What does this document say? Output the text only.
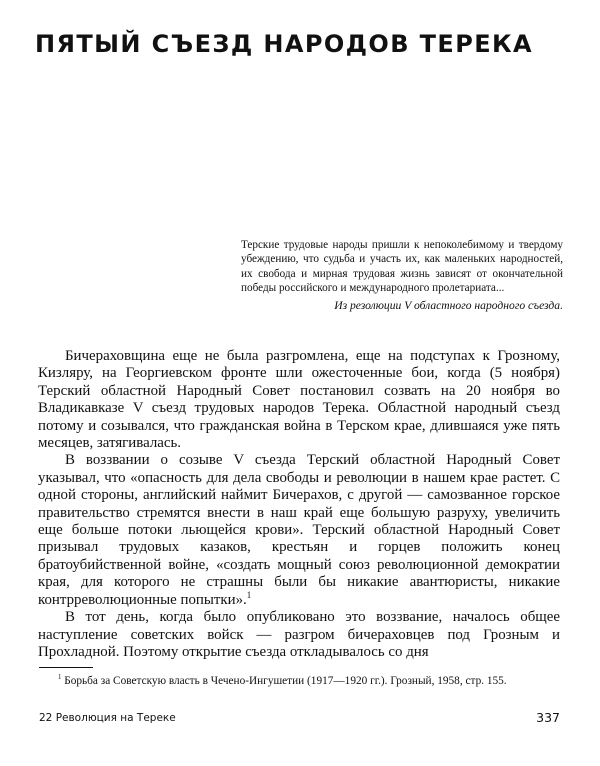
ПЯТЫЙ СЪЕЗД НАРОДОВ ТЕРЕКА

Терские трудовые народы пришли к непоколебимому и твердому убеждению, что судьба и участь их, как маленьких народностей, их свобода и мирная трудовая жизнь зависят от окончательной победы российского и международного пролетариата...

Из резолюции V областного народного съезда.

Бичераховщина еще не была разгромлена, еще на подступах к Грозному, Кизляру, на Георгиевском фронте шли ожесточенные бои, когда (5 ноября) Терский областной Народный Совет постановил созвать на 20 ноября во Владикавказе V съезд трудовых народов Терека. Областной народный съезд потому и созывался, что гражданская война в Терском крае, длившаяся уже пять месяцев, затягивалась.

В воззвании о созыве V съезда Терский областной Народный Совет указывал, что «опасность для дела свободы и революции в нашем крае растет. С одной стороны, английский наймит Бичерахов, с другой — самозванное горское правительство стремятся внести в наш край еще большую разруху, увеличить еще больше потоки льющейся крови». Терский областной Народный Совет призывал трудовых казаков, крестьян и горцев положить конец братоубийственной войне, «создать мощный союз революционной демократии края, для которого не страшны были бы никакие авантюристы, никакие контрреволюционные попытки».$^1$

В тот день, когда было опубликовано это воззвание, началось общее наступление советских войск — разгром бичераховцев под Грозным и Прохладной. Поэтому открытие съезда откладывалось со дня

$^1$ Борьба за Советскую власть в Чечено-Ингушетии (1917—1920 гг.). Грозный, 1958, стр. 155.

22 Революция на Тереке	337
